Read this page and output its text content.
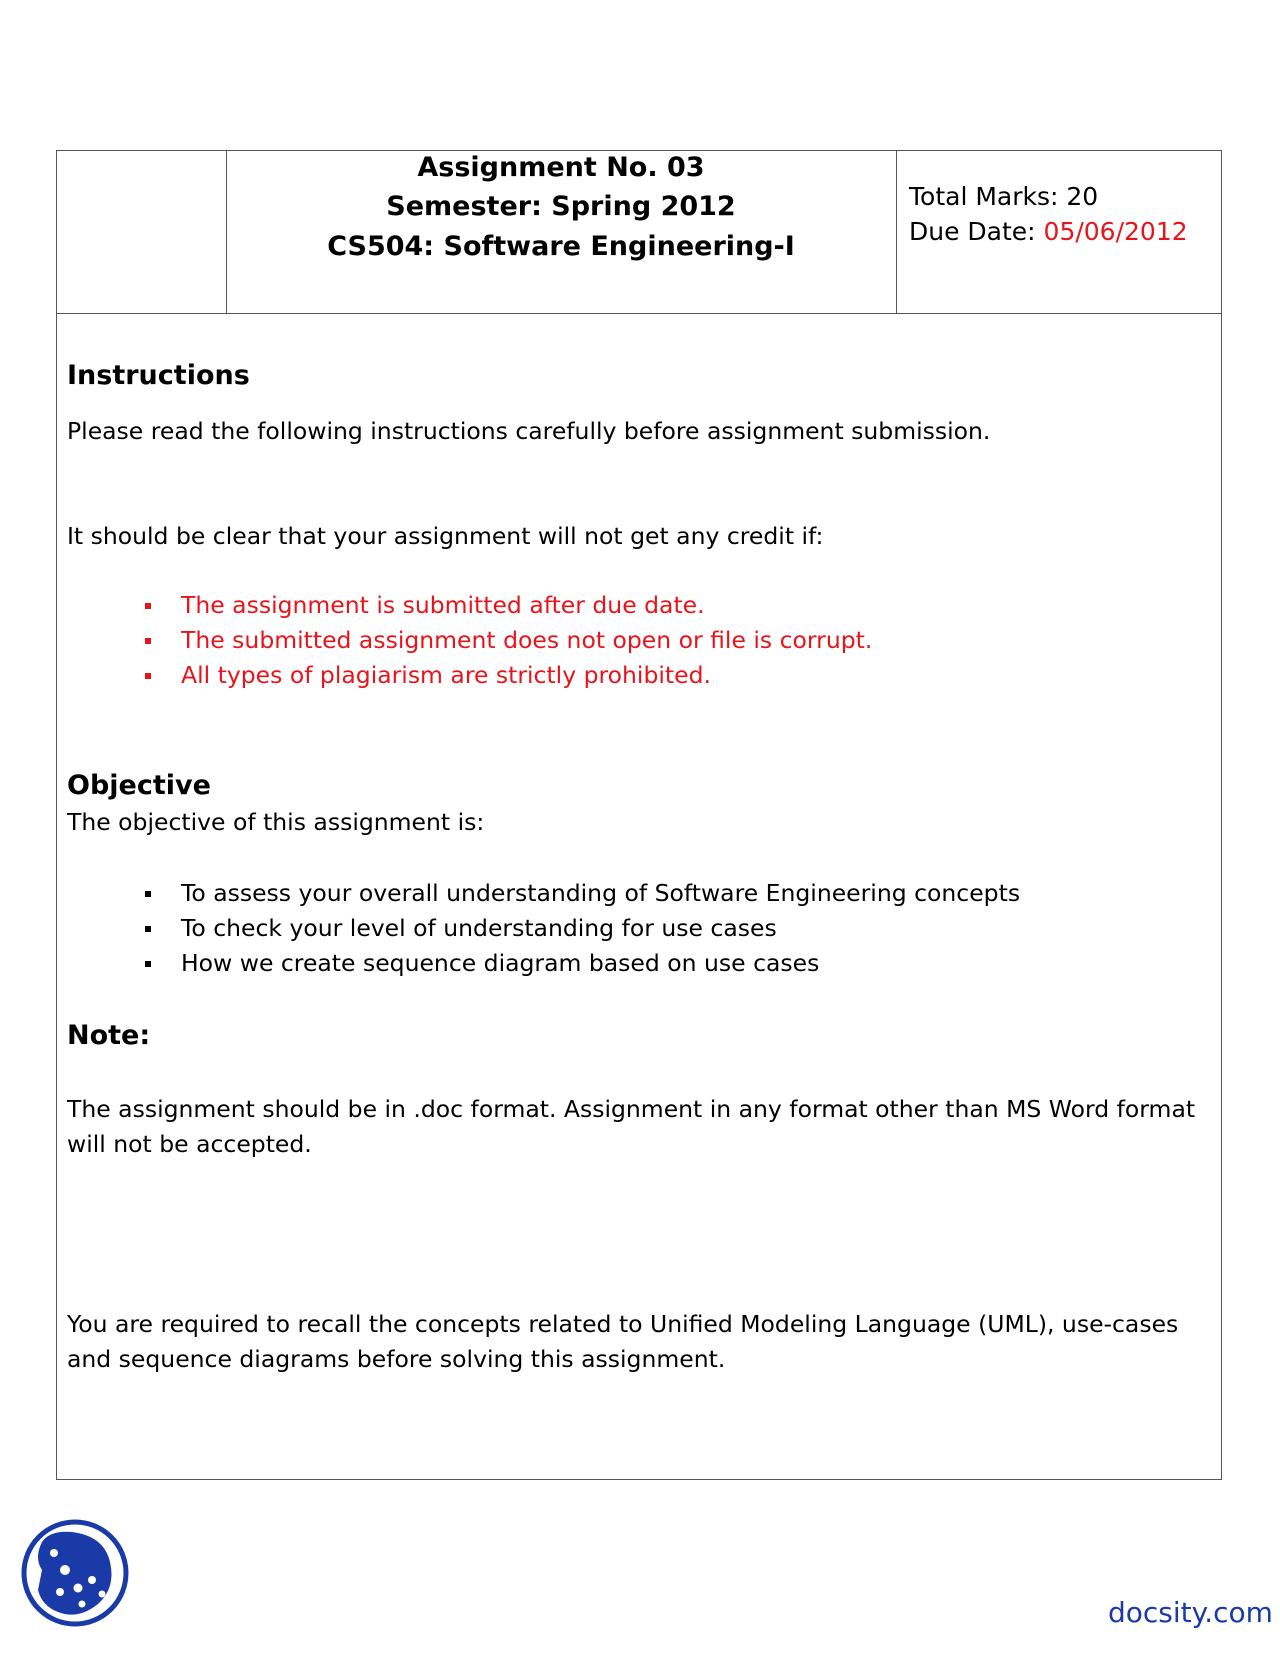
Assignment No. 03
Semester: Spring 2012
CS504: Software Engineering-I
Total Marks: 20
Due Date: 05/06/2012
Instructions
Please read the following instructions carefully before assignment submission.
It should be clear that your assignment will not get any credit if:
The assignment is submitted after due date.
The submitted assignment does not open or file is corrupt.
All types of plagiarism are strictly prohibited.
Objective
The objective of this assignment is:
To assess your overall understanding of Software Engineering concepts
To check your level of understanding for use cases
How we create sequence diagram based on use cases
Note:
The assignment should be in .doc format. Assignment in any format other than MS Word format will not be accepted.
You are required to recall the concepts related to Unified Modeling Language (UML), use-cases and sequence diagrams before solving this assignment.
docsity.com
